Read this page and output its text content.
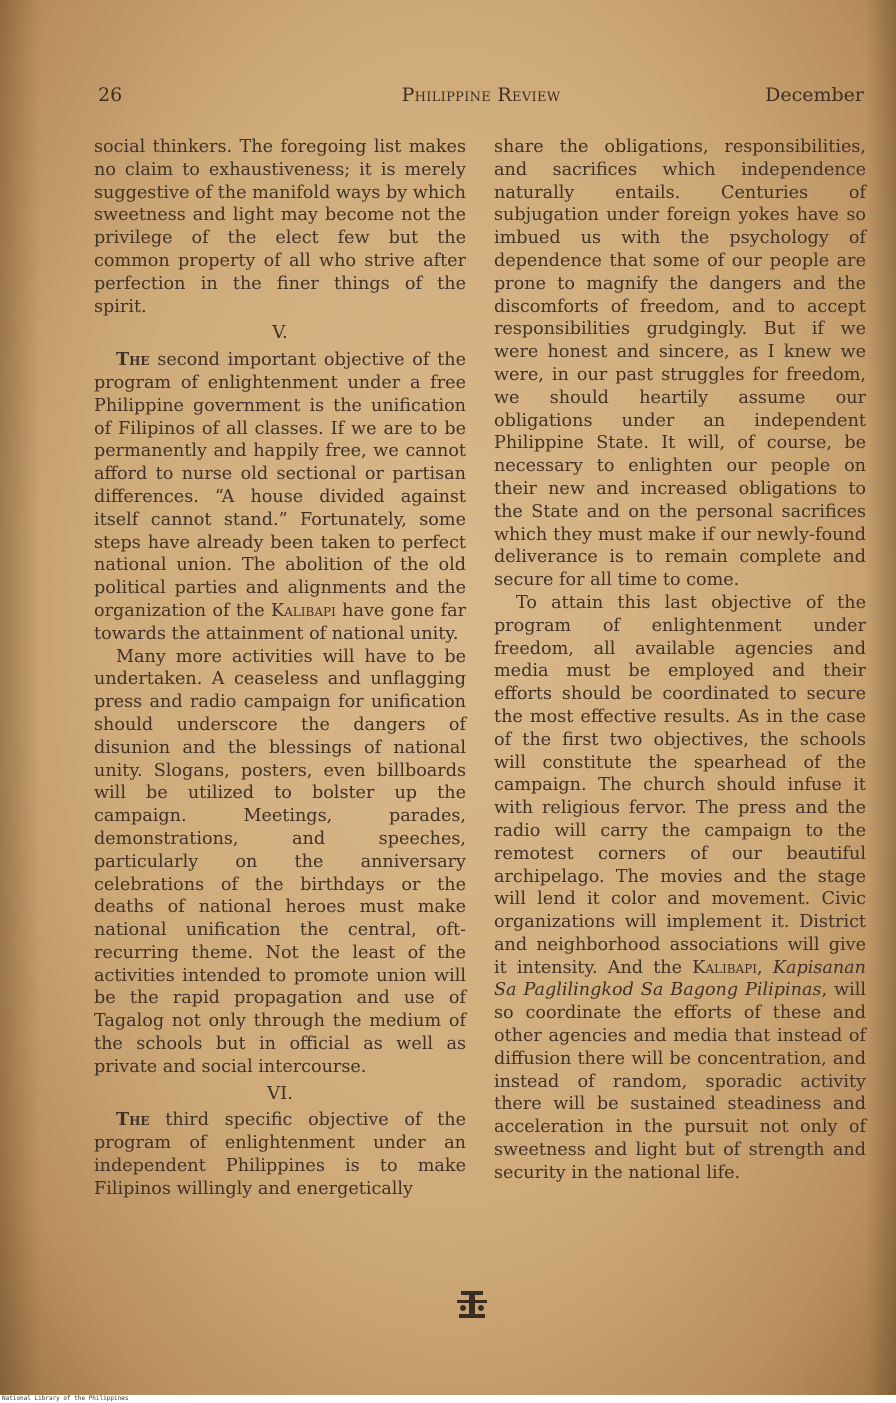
26	Philippine Review	December

social thinkers. The foregoing list makes no claim to exhaustiveness; it is merely suggestive of the manifold ways by which sweetness and light may become not the privilege of the elect few but the common property of all who strive after perfection in the finer things of the spirit.

V.

The second important objective of the program of enlightenment under a free Philippine government is the unification of Filipinos of all classes. If we are to be permanently and happily free, we cannot afford to nurse old sectional or partisan differences. “A house divided against itself cannot stand.” Fortunately, some steps have already been taken to perfect national union. The abolition of the old political parties and alignments and the organization of the Kalibapi have gone far towards the attainment of national unity.

Many more activities will have to be undertaken. A ceaseless and unflagging press and radio campaign for unification should underscore the dangers of disunion and the blessings of national unity. Slogans, posters, even billboards will be utilized to bolster up the campaign. Meetings, parades, demonstrations, and speeches, particularly on the anniversary celebrations of the birthdays or the deaths of national heroes must make national unification the central, oft-recurring theme. Not the least of the activities intended to promote union will be the rapid propagation and use of Tagalog not only through the medium of the schools but in official as well as private and social intercourse.

VI.

The third specific objective of the program of enlightenment under an independent Philippines is to make Filipinos willingly and energetically

share the obligations, responsibilities, and sacrifices which independence naturally entails. Centuries of subjugation under foreign yokes have so imbued us with the psychology of dependence that some of our people are prone to magnify the dangers and the discomforts of freedom, and to accept responsibilities grudgingly. But if we were honest and sincere, as I knew we were, in our past struggles for freedom, we should heartily assume our obligations under an independent Philippine State. It will, of course, be necessary to enlighten our people on their new and increased obligations to the State and on the personal sacrifices which they must make if our newly-found deliverance is to remain complete and secure for all time to come.

To attain this last objective of the program of enlightenment under freedom, all available agencies and media must be employed and their efforts should be coordinated to secure the most effective results. As in the case of the first two objectives, the schools will constitute the spearhead of the campaign. The church should infuse it with religious fervor. The press and the radio will carry the campaign to the remotest corners of our beautiful archipelago. The movies and the stage will lend it color and movement. Civic organizations will implement it. District and neighborhood associations will give it intensity. And the Kalibapi, Kapisanan Sa Paglilingkod Sa Bagong Pilipinas, will so coordinate the efforts of these and other agencies and media that instead of diffusion there will be concentration, and instead of random, sporadic activity there will be sustained steadiness and acceleration in the pursuit not only of sweetness and light but of strength and security in the national life.

National Library of the Philippines
